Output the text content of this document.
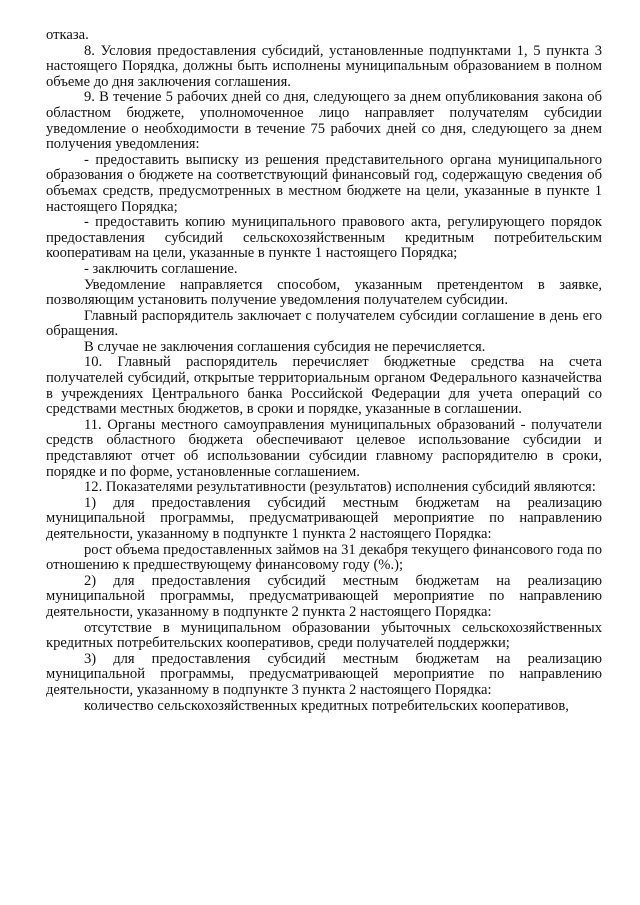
отказа.

8. Условия предоставления субсидий, установленные подпунктами 1, 5 пункта 3 настоящего Порядка, должны быть исполнены муниципальным образованием в полном объеме до дня заключения соглашения.

9. В течение 5 рабочих дней со дня, следующего за днем опубликования закона об областном бюджете, уполномоченное лицо направляет получателям субсидии уведомление о необходимости в течение 75 рабочих дней со дня, следующего за днем получения уведомления:

- предоставить выписку из решения представительного органа муниципального образования о бюджете на соответствующий финансовый год, содержащую сведения об объемах средств, предусмотренных в местном бюджете на цели, указанные в пункте 1 настоящего Порядка;

- предоставить копию муниципального правового акта, регулирующего порядок предоставления субсидий сельскохозяйственным кредитным потребительским кооперативам на цели, указанные в пункте 1 настоящего Порядка;

- заключить соглашение.

Уведомление направляется способом, указанным претендентом в заявке, позволяющим установить получение уведомления получателем субсидии.

Главный распорядитель заключает с получателем субсидии соглашение в день его обращения.

В случае не заключения соглашения субсидия не перечисляется.

10. Главный распорядитель перечисляет бюджетные средства на счета получателей субсидий, открытые территориальным органом Федерального казначейства в учреждениях Центрального банка Российской Федерации для учета операций со средствами местных бюджетов, в сроки и порядке, указанные в соглашении.

11. Органы местного самоуправления муниципальных образований - получатели средств областного бюджета обеспечивают целевое использование субсидии и представляют отчет об использовании субсидии главному распорядителю в сроки, порядке и по форме, установленные соглашением.

12. Показателями результативности (результатов) исполнения субсидий являются:

1) для предоставления субсидий местным бюджетам на реализацию муниципальной программы, предусматривающей мероприятие по направлению деятельности, указанному в подпункте 1 пункта 2 настоящего Порядка:

рост объема предоставленных займов на 31 декабря текущего финансового года по отношению к предшествующему финансовому году (%.);

2) для предоставления субсидий местным бюджетам на реализацию муниципальной программы, предусматривающей мероприятие по направлению деятельности, указанному в подпункте 2 пункта 2 настоящего Порядка:

отсутствие в муниципальном образовании убыточных сельскохозяйственных кредитных потребительских кооперативов, среди получателей поддержки;

3) для предоставления субсидий местным бюджетам на реализацию муниципальной программы, предусматривающей мероприятие по направлению деятельности, указанному в подпункте 3 пункта 2 настоящего Порядка:

количество сельскохозяйственных кредитных потребительских кооперативов,
